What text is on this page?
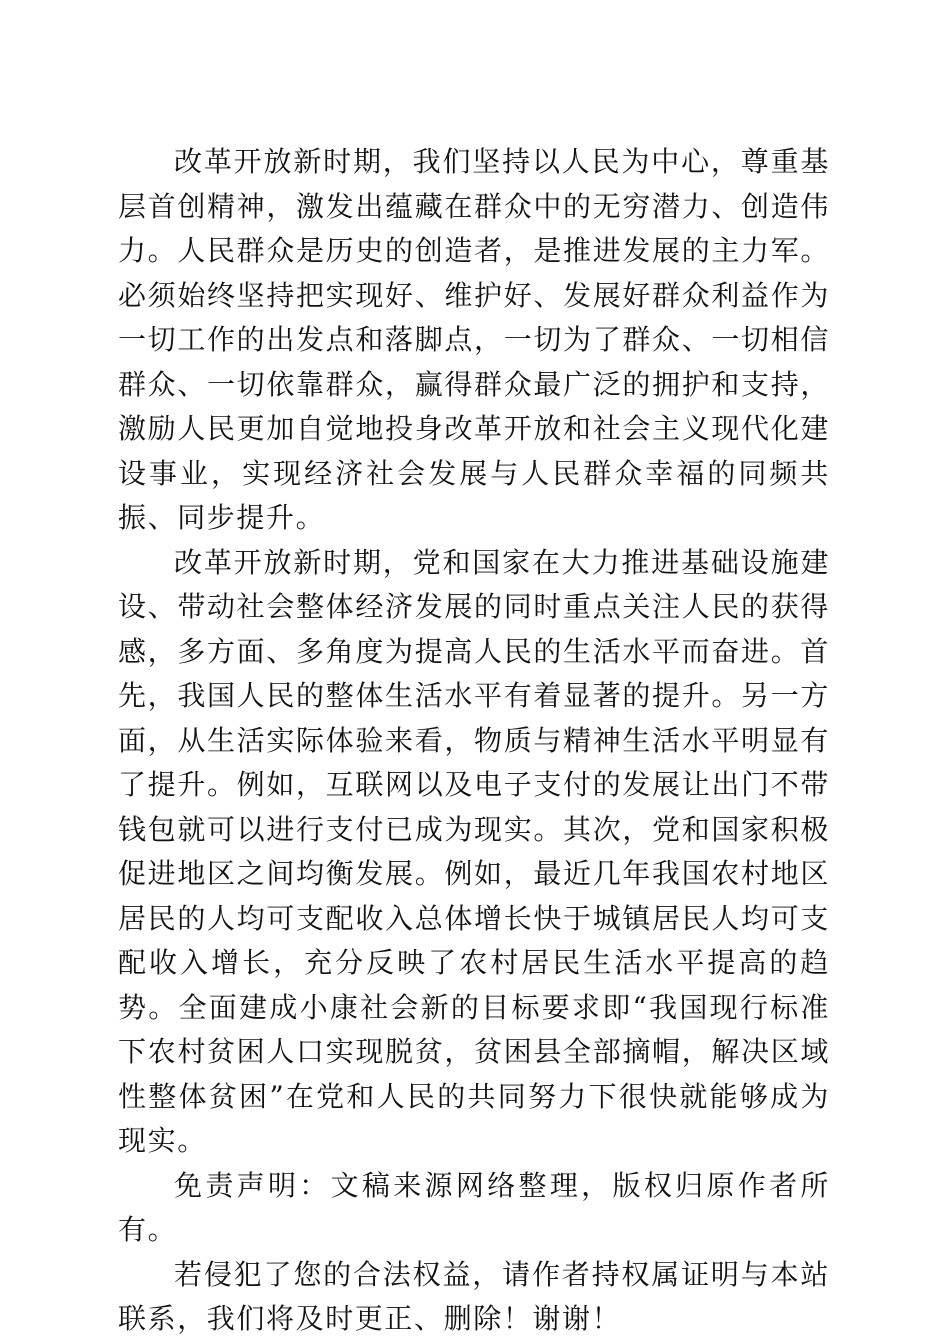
改革开放新时期，我们坚持以人民为中心，尊重基层首创精神，激发出蕴藏在群众中的无穷潜力、创造伟力。人民群众是历史的创造者，是推进发展的主力军。必须始终坚持把实现好、维护好、发展好群众利益作为一切工作的出发点和落脚点，一切为了群众、一切相信群众、一切依靠群众，赢得群众最广泛的拥护和支持，激励人民更加自觉地投身改革开放和社会主义现代化建设事业，实现经济社会发展与人民群众幸福的同频共振、同步提升。

改革开放新时期，党和国家在大力推进基础设施建设、带动社会整体经济发展的同时重点关注人民的获得感，多方面、多角度为提高人民的生活水平而奋进。首先，我国人民的整体生活水平有着显著的提升。另一方面，从生活实际体验来看，物质与精神生活水平明显有了提升。例如，互联网以及电子支付的发展让出门不带钱包就可以进行支付已成为现实。其次，党和国家积极促进地区之间均衡发展。例如，最近几年我国农村地区居民的人均可支配收入总体增长快于城镇居民人均可支配收入增长，充分反映了农村居民生活水平提高的趋势。全面建成小康社会新的目标要求即“我国现行标准下农村贫困人口实现脱贫，贫困县全部摘帽，解决区域性整体贫困”在党和人民的共同努力下很快就能够成为现实。

免责声明：文稿来源网络整理，版权归原作者所有。

若侵犯了您的合法权益，请作者持权属证明与本站联系，我们将及时更正、删除！谢谢！
